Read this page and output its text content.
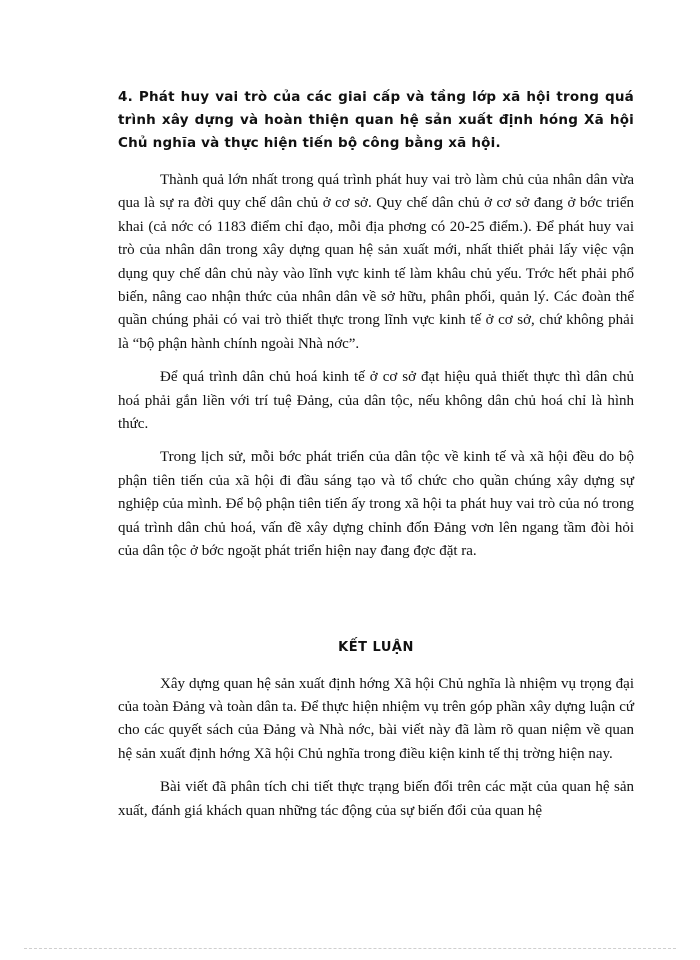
4. Phát huy vai trò của các giai cấp và tầng lớp xã hội trong quá trình xây dựng và hoàn thiện quan hệ sản xuất định hóng Xã hội Chủ nghĩa và thực hiện tiến bộ công bằng xã hội.

Thành quả lớn nhất trong quá trình phát huy vai trò làm chủ của nhân dân vừa qua là sự ra đời quy chế dân chủ ở cơ sở. Quy chế dân chủ ở cơ sở đang ở bớc triển khai (cả nớc có 1183 điểm chỉ đạo, mỗi địa phơng có 20-25 điểm.). Để phát huy vai trò của nhân dân trong xây dựng quan hệ sản xuất mới, nhất thiết phải lấy việc vận dụng quy chế dân chủ này vào lĩnh vực kinh tế làm khâu chủ yếu. Trớc hết phải phổ biến, nâng cao nhận thức của nhân dân về sở hữu, phân phối, quản lý. Các đoàn thể quần chúng phải có vai trò thiết thực trong lĩnh vực kinh tế ở cơ sở, chứ không phải là “bộ phận hành chính ngoài Nhà nớc”.

Để quá trình dân chủ hoá kinh tế ở cơ sở đạt hiệu quả thiết thực thì dân chủ hoá phải gắn liền với trí tuệ Đảng, của dân tộc, nếu không dân chủ hoá chỉ là hình thức.

Trong lịch sử, mỗi bớc phát triển của dân tộc về kinh tế và xã hội đều do bộ phận tiên tiến của xã hội đi đầu sáng tạo và tổ chức cho quần chúng xây dựng sự nghiệp của mình. Để bộ phận tiên tiến ấy trong xã hội ta phát huy vai trò của nó trong quá trình dân chủ hoá, vấn đề xây dựng chỉnh đốn Đảng vơn lên ngang tầm đòi hỏi của dân tộc ở bớc ngoặt phát triển hiện nay đang đợc đặt ra.

KẾT LUẬN

Xây dựng quan hệ sản xuất định hớng Xã hội Chủ nghĩa là nhiệm vụ trọng đại của toàn Đảng và toàn dân ta. Để thực hiện nhiệm vụ trên góp phần xây dựng luận cứ cho các quyết sách của Đảng và Nhà nớc, bài viết này đã làm rõ quan niệm về quan hệ sản xuất định hớng Xã hội Chủ nghĩa trong điều kiện kinh tế thị trờng hiện nay.

Bài viết đã phân tích chi tiết thực trạng biến đổi trên các mặt của quan hệ sản xuất, đánh giá khách quan những tác động của sự biến đổi của quan hệ
